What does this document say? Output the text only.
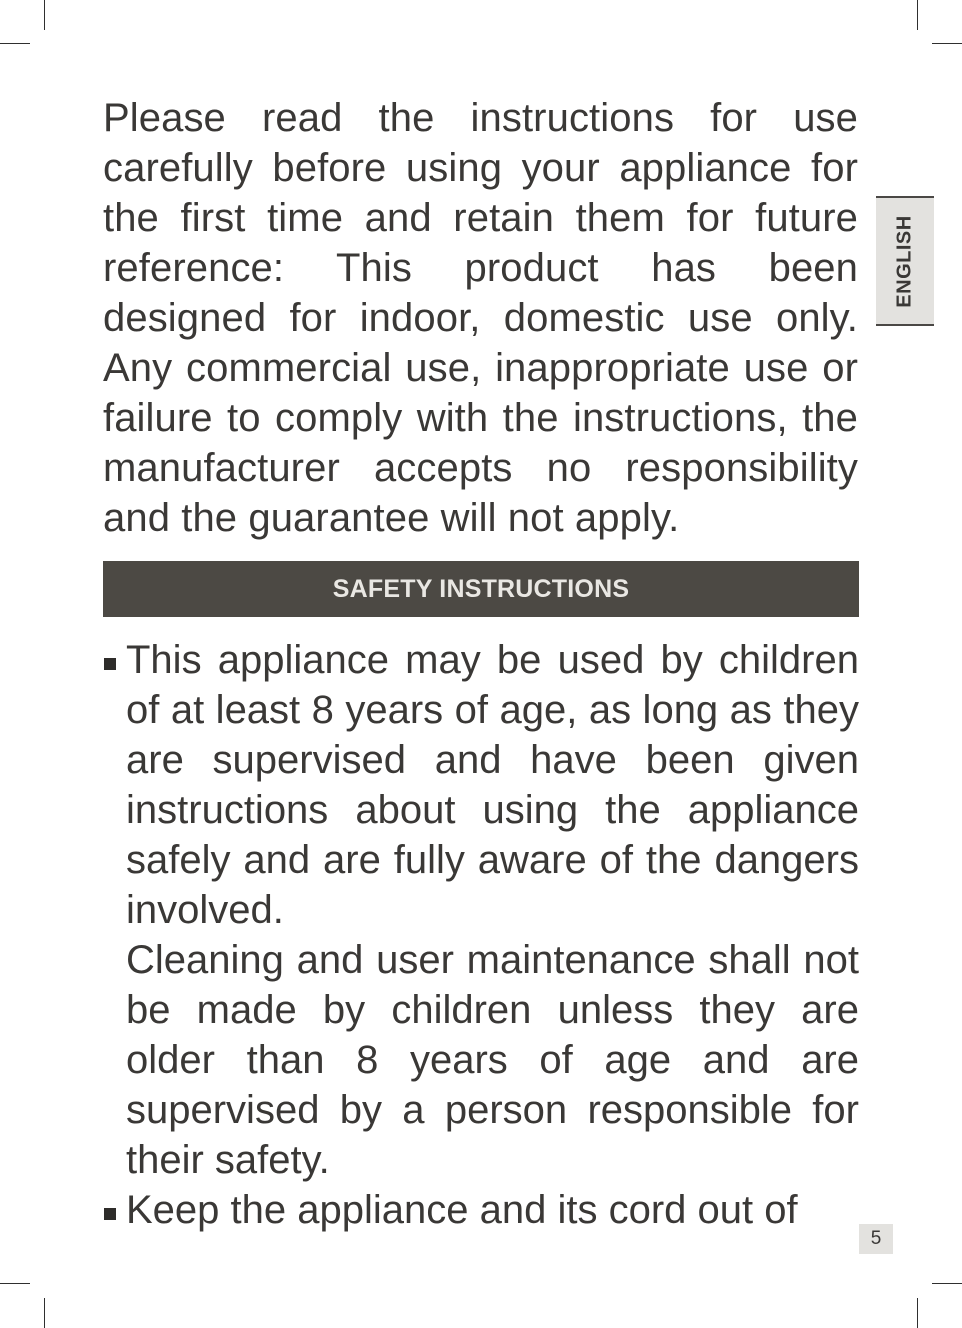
Please read the instructions for use carefully before using your appliance for the first time and retain them for future reference: This product has been designed for indoor, domestic use only. Any commercial use, inappropriate use or failure to comply with the instructions, the manufacturer accepts no responsibility and the guarantee will not apply.

SAFETY INSTRUCTIONS

This appliance may be used by children of at least 8 years of age, as long as they are supervised and have been given instructions about using the appliance safely and are fully aware of the dangers involved.

Cleaning and user maintenance shall not be made by children unless they are older than 8 years of age and are supervised by a person responsible for their safety.

Keep the appliance and its cord out of

ENGLISH
5
